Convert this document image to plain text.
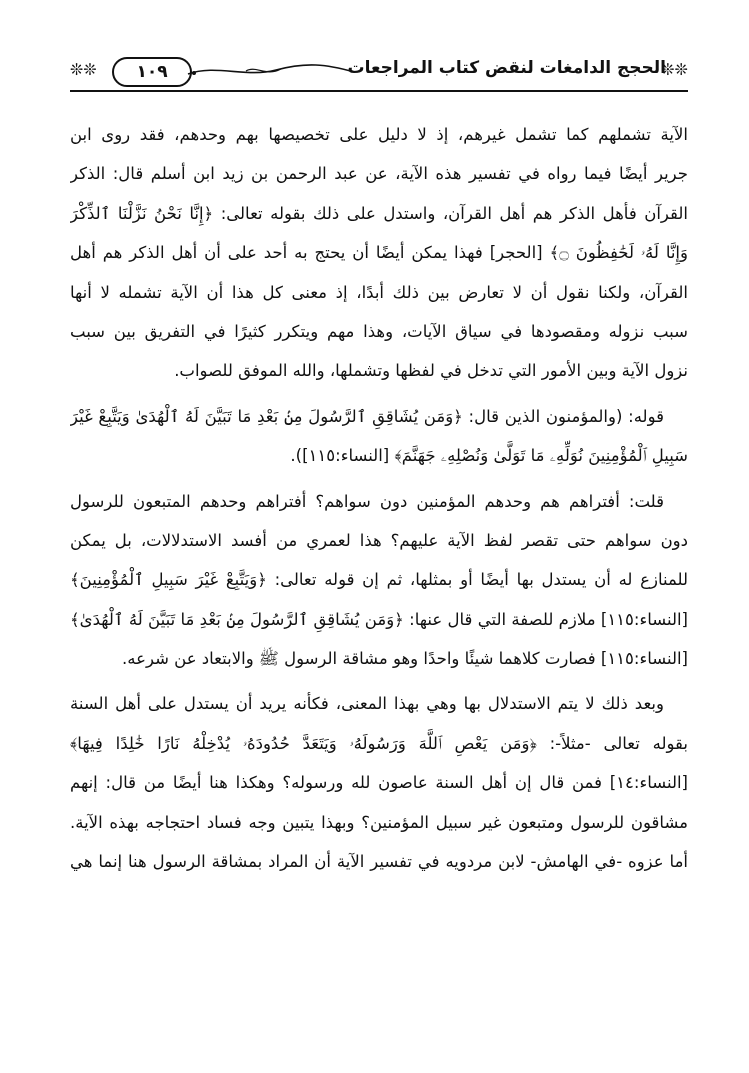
❊❊
الحجج الدامغات لنقض كتاب المراجعات
١٠٩
❊❊
الآية تشملهم كما تشمل غيرهم، إذ لا دليل على تخصيصها بهم وحدهم، فقد روى ابن
جرير أيضًا فيما رواه في تفسير هذه الآية، عن عبد الرحمن بن زيد ابن أسلم قال: الذكر
القرآن فأهل الذكر هم أهل القرآن، واستدل على ذلك بقوله تعالى: ﴿إِنَّا نَحْنُ نَزَّلْنَا ٱلذِّكْرَ
وَإِنَّا لَهُۥ لَحَٰفِظُونَ ۝﴾ [الحجر] فهذا يمكن أيضًا أن يحتج به أحد على أن أهل الذكر هم أهل
القرآن، ولكنا نقول أن لا تعارض بين ذلك أبدًا، إذ معنى كل هذا أن الآية تشمله لا أنها
سبب نزوله ومقصودها في سياق الآيات، وهذا مهم ويتكرر كثيرًا في التفريق بين سبب
نزول الآية وبين الأمور التي تدخل في لفظها وتشملها، والله الموفق للصواب.
قوله: (والمؤمنون الذين قال: ﴿وَمَن يُشَاقِقِ ٱلرَّسُولَ مِنۢ بَعْدِ مَا تَبَيَّنَ لَهُ ٱلْهُدَىٰ وَيَتَّبِعْ غَيْرَ
سَبِيلِ ٱلْمُؤْمِنِينَ نُوَلِّهِۦ مَا تَوَلَّىٰ وَنُصْلِهِۦ جَهَنَّمَ﴾ [النساء:١١٥]).
قلت: أفتراهم هم وحدهم المؤمنين دون سواهم؟ أفتراهم وحدهم المتبعون للرسول
دون سواهم حتى تقصر لفظ الآية عليهم؟ هذا لعمري من أفسد الاستدلالات، بل يمكن
للمنازع له أن يستدل بها أيضًا أو بمثلها، ثم إن قوله تعالى: ﴿وَيَتَّبِعْ غَيْرَ سَبِيلِ ٱلْمُؤْمِنِينَ﴾
[النساء:١١٥] ملازم للصفة التي قال عنها: ﴿وَمَن يُشَاقِقِ ٱلرَّسُولَ مِنۢ بَعْدِ مَا تَبَيَّنَ لَهُ ٱلْهُدَىٰ﴾
[النساء:١١٥] فصارت كلاهما شيئًا واحدًا وهو مشاقة الرسول ﷺ والابتعاد عن شرعه.
وبعد ذلك لا يتم الاستدلال بها وهي بهذا المعنى، فكأنه يريد أن يستدل على أهل السنة
بقوله تعالى -مثلاً-: ﴿وَمَن يَعْصِ ٱللَّهَ وَرَسُولَهُۥ وَيَتَعَدَّ حُدُودَهُۥ يُدْخِلْهُ نَارًا خَٰلِدًا فِيهَا﴾
[النساء:١٤] فمن قال إن أهل السنة عاصون لله ورسوله؟ وهكذا هنا أيضًا من قال: إنهم
مشاقون للرسول ومتبعون غير سبيل المؤمنين؟ وبهذا يتبين وجه فساد احتجاجه بهذه الآية.
أما عزوه -في الهامش- لابن مردويه في تفسير الآية أن المراد بمشاقة الرسول هنا إنما هي
